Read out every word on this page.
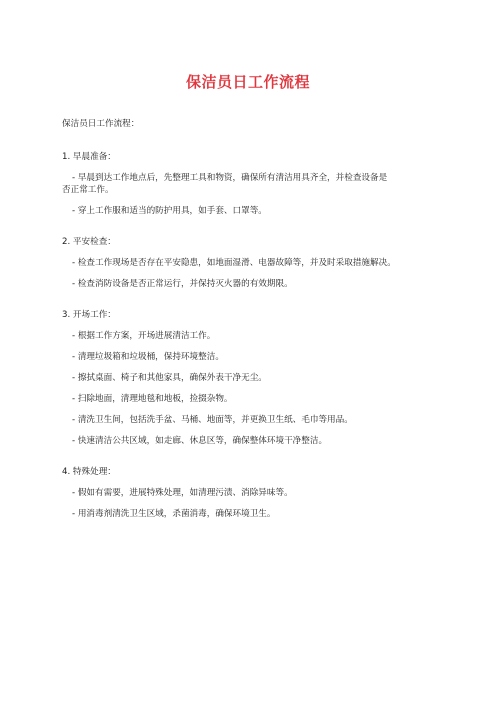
保洁员日工作流程
保洁员日工作流程：
1. 早晨准备：
- 早晨到达工作地点后，先整理工具和物资，确保所有清洁用具齐全，并检查设备是
否正常工作。
- 穿上工作服和适当的防护用具，如手套、口罩等。
2. 平安检查：
- 检查工作现场是否存在平安隐患，如地面湿滑、电器故障等，并及时采取措施解决。
- 检查消防设备是否正常运行，并保持灭火器的有效期限。
3. 开场工作：
- 根据工作方案，开场进展清洁工作。
- 清理垃圾箱和垃圾桶，保持环境整洁。
- 擦拭桌面、椅子和其他家具，确保外表干净无尘。
- 扫除地面，清理地毯和地板，捡掇杂物。
- 清洗卫生间，包括洗手盆、马桶、地面等，并更换卫生纸、毛巾等用品。
- 快速清洁公共区域，如走廊、休息区等，确保整体环境干净整洁。
4. 特殊处理：
- 假如有需要，进展特殊处理，如清理污渍、消除异味等。
- 用消毒剂清洗卫生区域，杀菌消毒，确保环境卫生。
